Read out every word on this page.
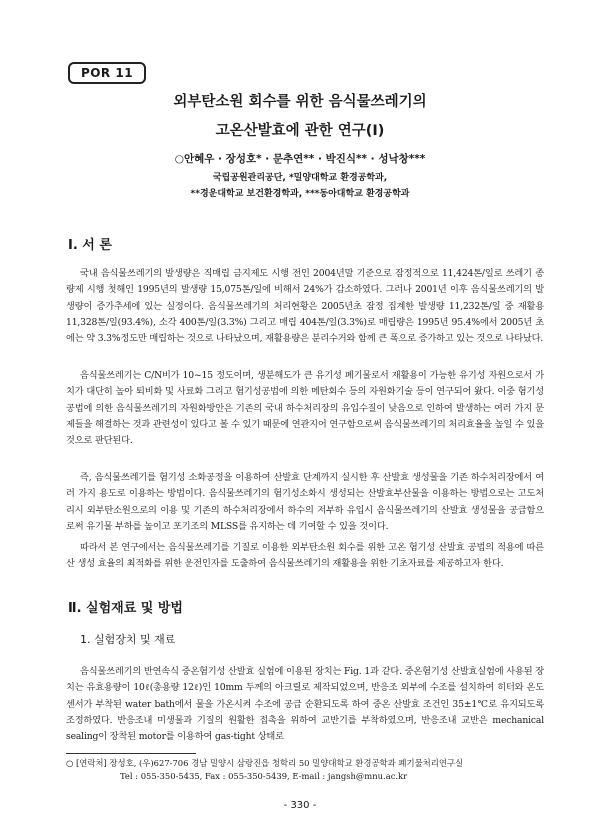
POR 11
외부탄소원 회수를 위한 음식물쓰레기의
고온산발효에 관한 연구(Ⅰ)
○안혜우 · 장성호* · 문추연** · 박진식** · 성낙창***
국립공원관리공단, *밀양대학교 환경공학과,
**경운대학교 보건환경학과, ***동아대학교 환경공학과
Ⅰ. 서 론

국내 음식물쓰레기의 발생량은 직매립 금지제도 시행 전인 2004년말 기준으로 잠정적으로 11,424톤/일로 쓰레기 종량제 시행 첫해인 1995년의 발생량 15,075톤/일에 비해서 24%가 감소하였다. 그러나 2001년 이후 음식물쓰레기의 발생량이 증가추세에 있는 실정이다. 음식물쓰레기의 처리현황은 2005년초 잠정 집계한 발생량 11,232톤/일 중 재활용 11,328톤/일(93.4%), 소각 400톤/일(3.3%) 그리고 매립 404톤/일(3.3%)로 매립량은 1995년 95.4%에서 2005년 초에는 약 3.3%정도만 매립하는 것으로 나타났으며, 재활용량은 분리수거와 함께 큰 폭으로 증가하고 있는 것으로 나타났다.

음식물쓰레기는 C/N비가 10~15 정도이며, 생분해도가 큰 유기성 폐기물로서 재활용이 가능한 유기성 자원으로서 가치가 대단히 높아 퇴비화 및 사료화 그리고 혐기성공법에 의한 메탄회수 등의 자원화기술 등이 연구되어 왔다. 이중 혐기성공법에 의한 음식물쓰레기의 자원화방안은 기존의 국내 하수처리장의 유입수질이 낮음으로 인하여 발생하는 여러 가지 문제들을 해결하는 것과 관련성이 있다고 볼 수 있기 때문에 연관지어 연구함으로써 음식물쓰레기의 처리효율을 높일 수 있을 것으로 판단된다.

즉, 음식물쓰레기를 혐기성 소화공정을 이용하여 산발효 단계까지 실시한 후 산발효 생성물을 기존 하수처리장에서 여러 가지 용도로 이용하는 방법이다. 음식물쓰레기의 혐기성소화시 생성되는 산발효부산물을 이용하는 방법으로는 고도처리시 외부탄소원으로의 이용 및 기존의 하수처리장에서 하수의 저부하 유입시 음식물쓰레기의 산발효 생성물을 공급함으로써 유기물 부하를 높이고 포기조의 MLSS를 유지하는 데 기여할 수 있을 것이다.

따라서 본 연구에서는 음식물쓰레기를 기질로 이용한 외부탄소원 회수를 위한 고온 혐기성 산발효 공법의 적용에 따른 산 생성 효율의 최적화를 위한 운전인자를 도출하여 음식물쓰레기의 재활용을 위한 기초자료를 제공하고자 한다.

Ⅱ. 실험재료 및 방법
1. 실험장치 및 재료

음식물쓰레기의 반연속식 중온혐기성 산발효 실험에 이용된 장치는 Fig. 1과 같다. 중온혐기성 산발효실험에 사용된 장치는 유효용량이 10ℓ(총용량 12ℓ)인 10mm 두께의 아크릴로 제작되었으며, 반응조 외부에 수조를 설치하여 히터와 온도센서가 부착된 water bath에서 물을 가온시켜 수조에 공급 순환되도록 하여 중온 산발효 조건인 35±1℃로 유지되도록 조정하였다. 반응조내 미생물과 기질의 원활한 접촉을 위하여 교반기를 부착하였으며, 반응조내 교반은 mechanical sealing이 장착된 motor를 이용하여 gas-tight 상태로

○ [연락처] 장성호, (우)627-706 경남 밀양시 삼랑진읍 청학리 50 밀양대학교 환경공학과 폐기물처리연구실
Tel : 055-350-5435, Fax : 055-350-5439, E-mail : jangsh@mnu.ac.kr
- 330 -
